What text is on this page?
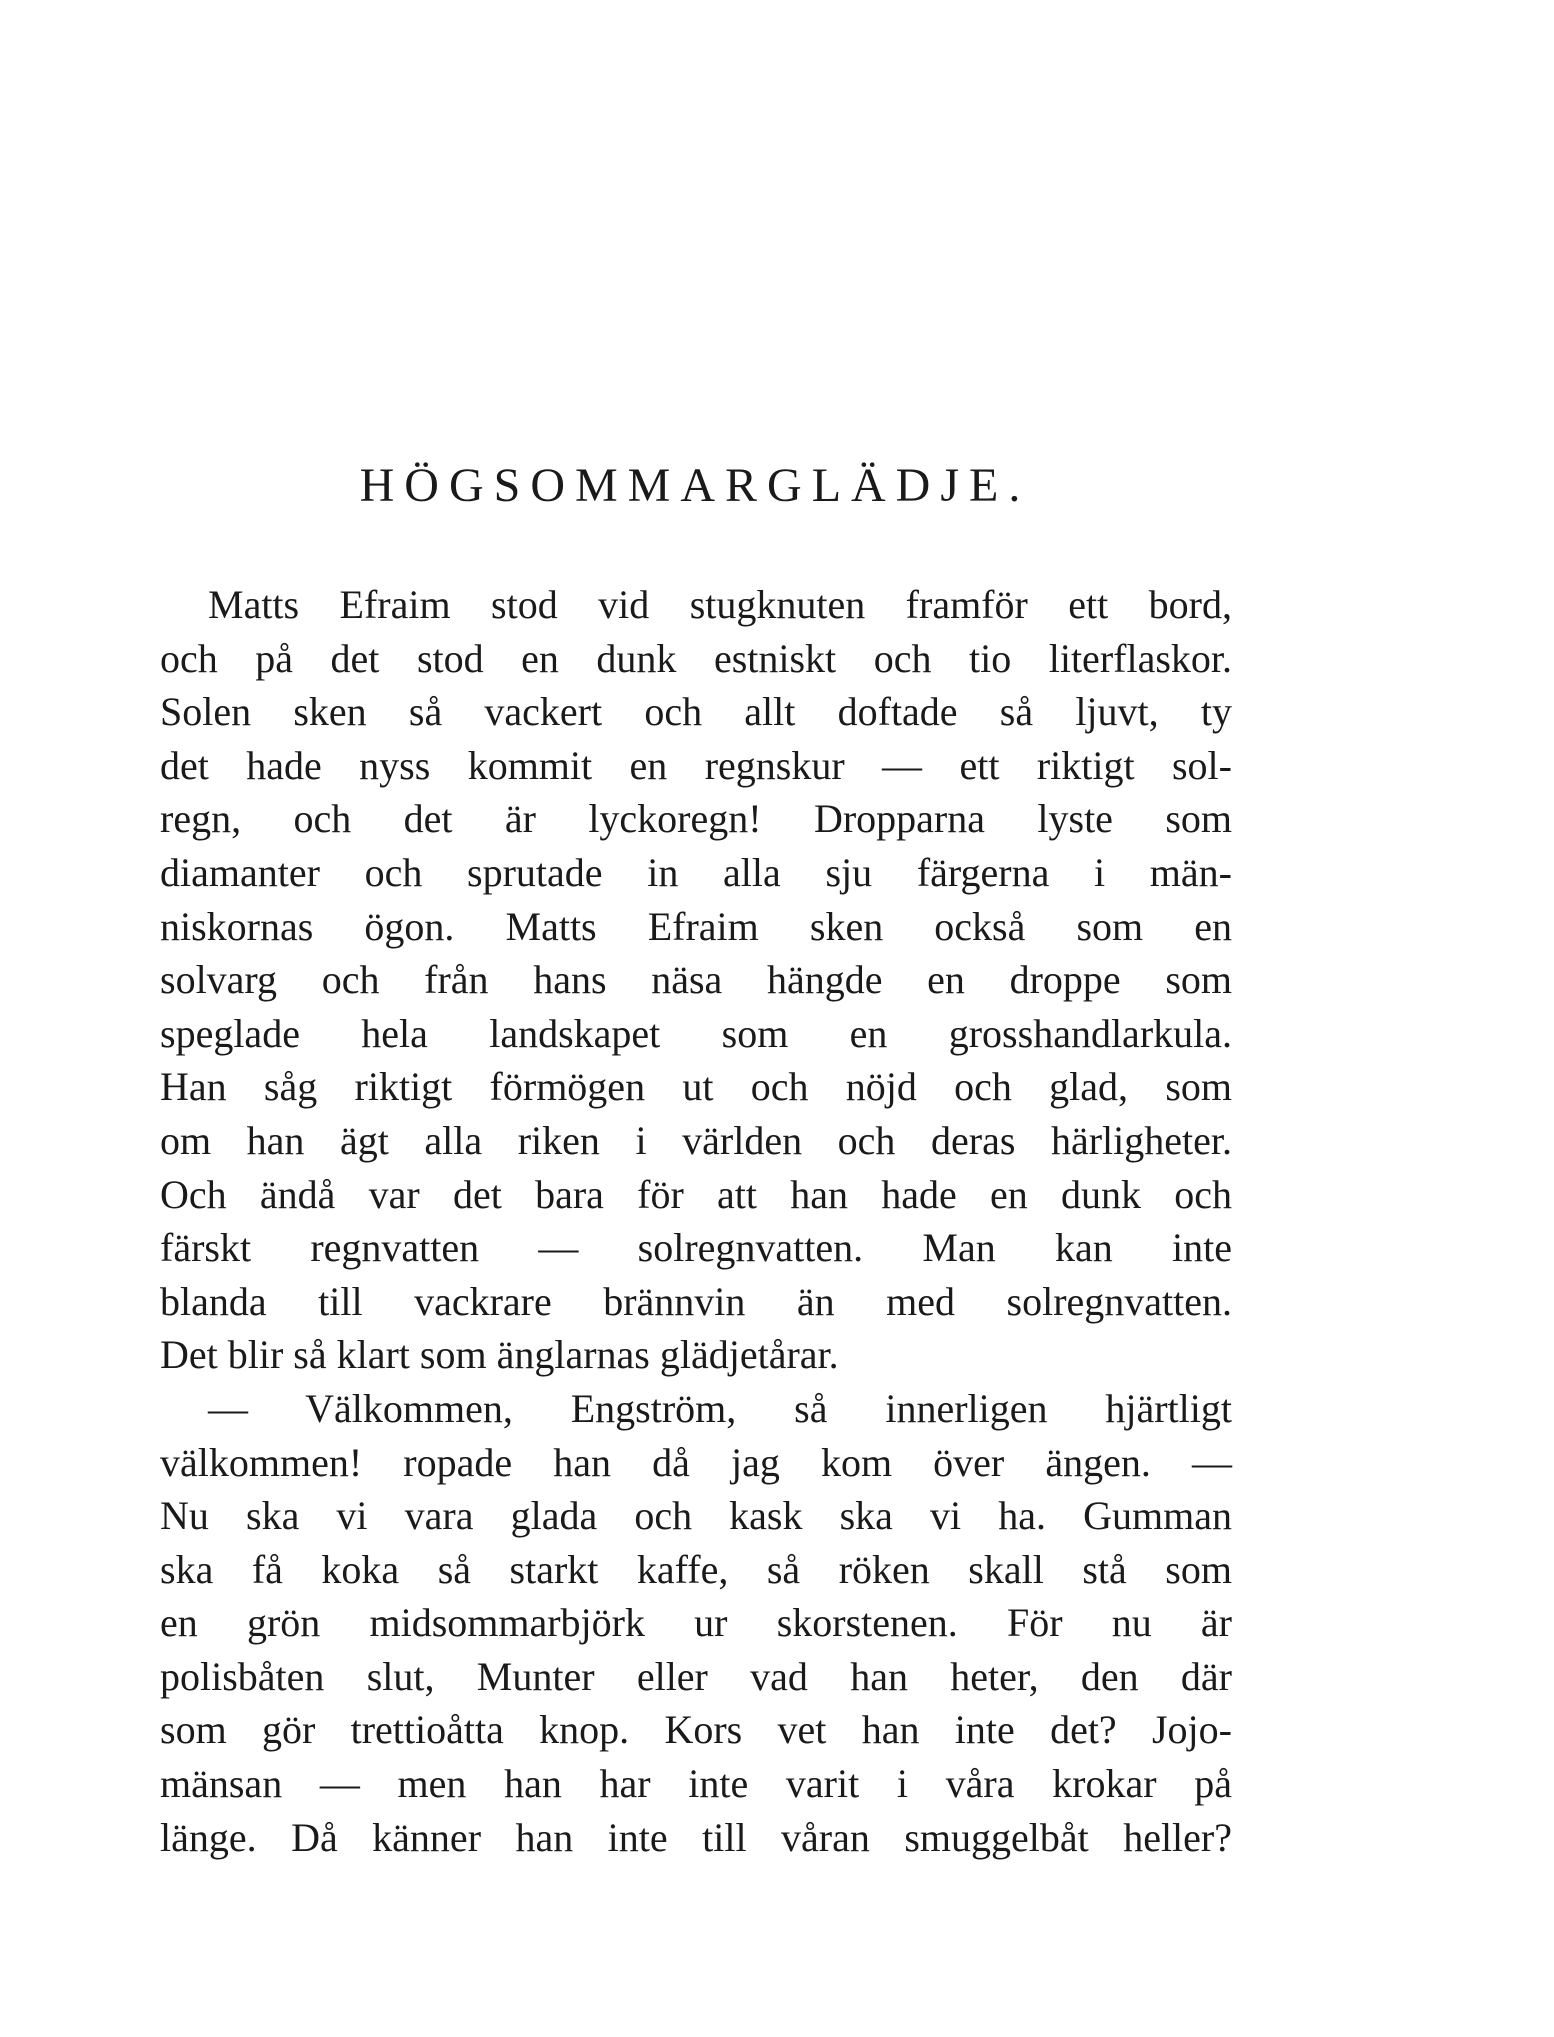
HÖGSOMMARGLÄDJE.
Matts Efraim stod vid stugknuten framför ett bord,
och på det stod en dunk estniskt och tio literflaskor.
Solen sken så vackert och allt doftade så ljuvt, ty
det hade nyss kommit en regnskur — ett riktigt sol-
regn, och det är lyckoregn! Dropparna lyste som
diamanter och sprutade in alla sju färgerna i män-
niskornas ögon. Matts Efraim sken också som en
solvarg och från hans näsa hängde en droppe som
speglade hela landskapet som en grosshandlarkula.
Han såg riktigt förmögen ut och nöjd och glad, som
om han ägt alla riken i världen och deras härligheter.
Och ändå var det bara för att han hade en dunk och
färskt regnvatten — solregnvatten. Man kan inte
blanda till vackrare brännvin än med solregnvatten.
Det blir så klart som änglarnas glädjetårar.
— Välkommen, Engström, så innerligen hjärtligt
välkommen! ropade han då jag kom över ängen. —
Nu ska vi vara glada och kask ska vi ha. Gumman
ska få koka så starkt kaffe, så röken skall stå som
en grön midsommarbjörk ur skorstenen. För nu är
polisbåten slut, Munter eller vad han heter, den där
som gör trettioåtta knop. Kors vet han inte det? Jojo-
mänsan — men han har inte varit i våra krokar på
länge. Då känner han inte till våran smuggelbåt heller?
